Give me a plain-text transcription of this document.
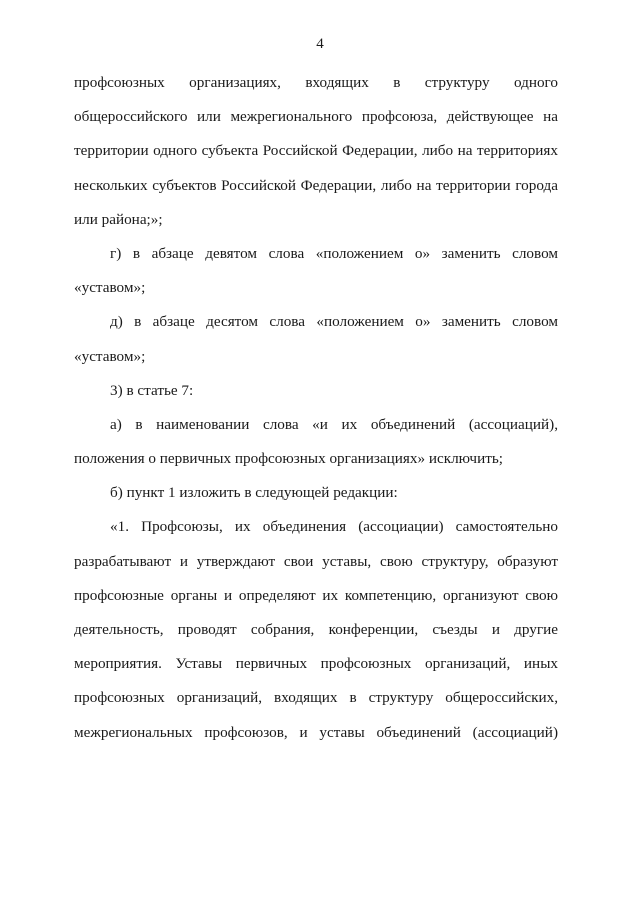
4
профсоюзных организациях, входящих в структуру одного
общероссийского или межрегионального профсоюза, действующее на
территории одного субъекта Российской Федерации, либо на территориях
нескольких субъектов Российской Федерации, либо на территории города
или района;»;
г) в абзаце девятом слова «положением о» заменить словом
«уставом»;
д) в абзаце десятом слова «положением о» заменить словом
«уставом»;
3) в статье 7:
а) в наименовании слова «и их объединений (ассоциаций),
положения о первичных профсоюзных организациях» исключить;
б) пункт 1 изложить в следующей редакции:
«1. Профсоюзы, их объединения (ассоциации) самостоятельно
разрабатывают и утверждают свои уставы, свою структуру, образуют
профсоюзные органы и определяют их компетенцию, организуют свою
деятельность, проводят собрания, конференции, съезды и другие
мероприятия. Уставы первичных профсоюзных организаций, иных
профсоюзных организаций, входящих в структуру общероссийских,
межрегиональных профсоюзов, и уставы объединений (ассоциаций)
